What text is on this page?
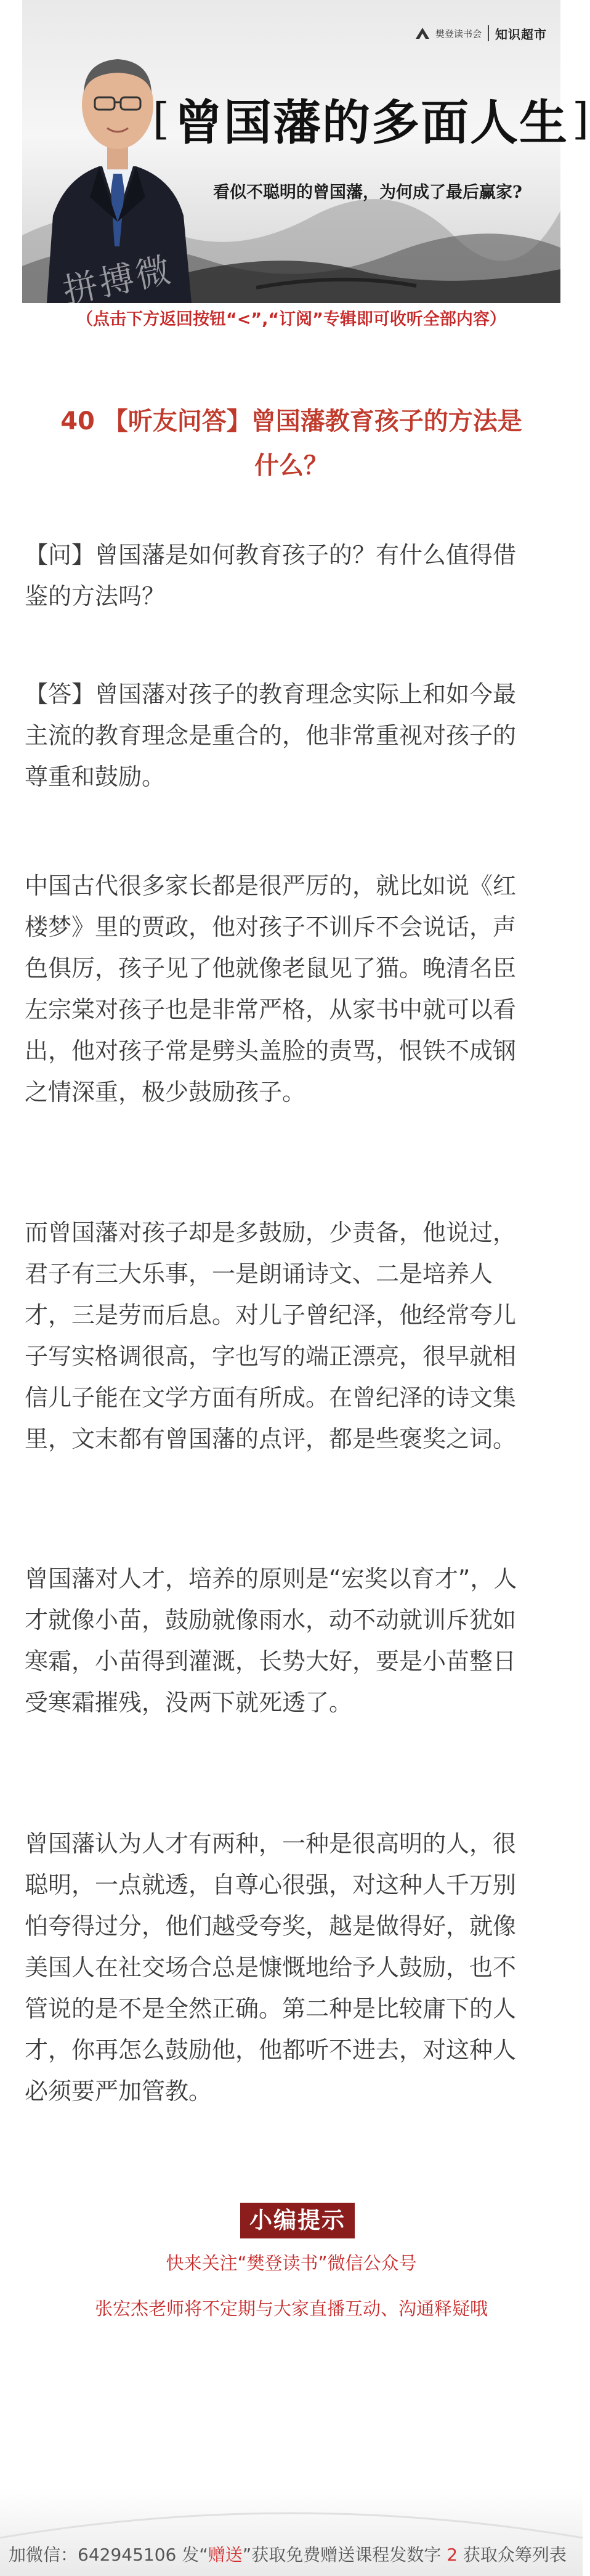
樊登读书会 知识超市
[ 曾国藩的多面人生 ]
看似不聪明的曾国藩，为何成了最后赢家?
拼搏微
（点击下方返回按钮“<”,“订阅”专辑即可收听全部内容）
40 【听友问答】曾国藩教育孩子的方法是
什么？
【问】曾国藩是如何教育孩子的？有什么值得借
鉴的方法吗？
【答】曾国藩对孩子的教育理念实际上和如今最
主流的教育理念是重合的，他非常重视对孩子的
尊重和鼓励。
中国古代很多家长都是很严厉的，就比如说《红
楼梦》里的贾政，他对孩子不训斥不会说话，声
色俱厉，孩子见了他就像老鼠见了猫。晚清名臣
左宗棠对孩子也是非常严格，从家书中就可以看
出，他对孩子常是劈头盖脸的责骂，恨铁不成钢
之情深重，极少鼓励孩子。
而曾国藩对孩子却是多鼓励，少责备，他说过，
君子有三大乐事，一是朗诵诗文、二是培养人
才，三是劳而后息。对儿子曾纪泽，他经常夸儿
子写实格调很高，字也写的端正漂亮，很早就相
信儿子能在文学方面有所成。在曾纪泽的诗文集
里，文末都有曾国藩的点评，都是些褒奖之词。
曾国藩对人才，培养的原则是“宏奖以育才”，人
才就像小苗，鼓励就像雨水，动不动就训斥犹如
寒霜，小苗得到灌溉，长势大好，要是小苗整日
受寒霜摧残，没两下就死透了。
曾国藩认为人才有两种，一种是很高明的人，很
聪明，一点就透，自尊心很强，对这种人千万别
怕夸得过分，他们越受夸奖，越是做得好，就像
美国人在社交场合总是慷慨地给予人鼓励，也不
管说的是不是全然正确。第二种是比较庸下的人
才，你再怎么鼓励他，他都听不进去，对这种人
必须要严加管教。
小编提示
快来关注“樊登读书”微信公众号
张宏杰老师将不定期与大家直播互动、沟通释疑哦
加微信：642945106 发“赠送”获取免费赠送课程发数字 2 获取众筹列表
